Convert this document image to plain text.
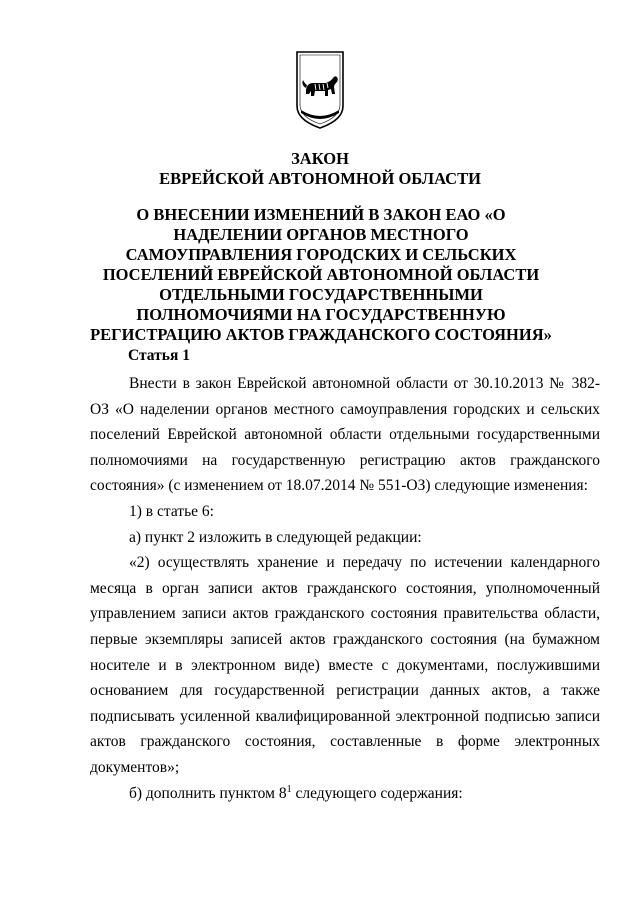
ЗАКОН
ЕВРЕЙСКОЙ АВТОНОМНОЙ ОБЛАСТИ
О ВНЕСЕНИИ ИЗМЕНЕНИЙ В ЗАКОН ЕАО «О НАДЕЛЕНИИ ОРГАНОВ МЕСТНОГО САМОУПРАВЛЕНИЯ ГОРОДСКИХ И СЕЛЬСКИХ ПОСЕЛЕНИЙ ЕВРЕЙСКОЙ АВТОНОМНОЙ ОБЛАСТИ ОТДЕЛЬНЫМИ ГОСУДАРСТВЕННЫМИ ПОЛНОМОЧИЯМИ НА ГОСУДАРСТВЕННУЮ РЕГИСТРАЦИЮ АКТОВ ГРАЖДАНСКОГО СОСТОЯНИЯ»
Статья 1

Внести в закон Еврейской автономной области от 30.10.2013 № 382-ОЗ «О наделении органов местного самоуправления городских и сельских поселений Еврейской автономной области отдельными государственными полномочиями на государственную регистрацию актов гражданского состояния» (с изменением от 18.07.2014 № 551-ОЗ) следующие изменения:

1) в статье 6:

а) пункт 2 изложить в следующей редакции:

«2) осуществлять хранение и передачу по истечении календарного месяца в орган записи актов гражданского состояния, уполномоченный управлением записи актов гражданского состояния правительства области, первые экземпляры записей актов гражданского состояния (на бумажном носителе и в электронном виде) вместе с документами, послужившими основанием для государственной регистрации данных актов, а также подписывать усиленной квалифицированной электронной подписью записи актов гражданского состояния, составленные в форме электронных документов»;

б) дополнить пунктом $8^1$ следующего содержания:
